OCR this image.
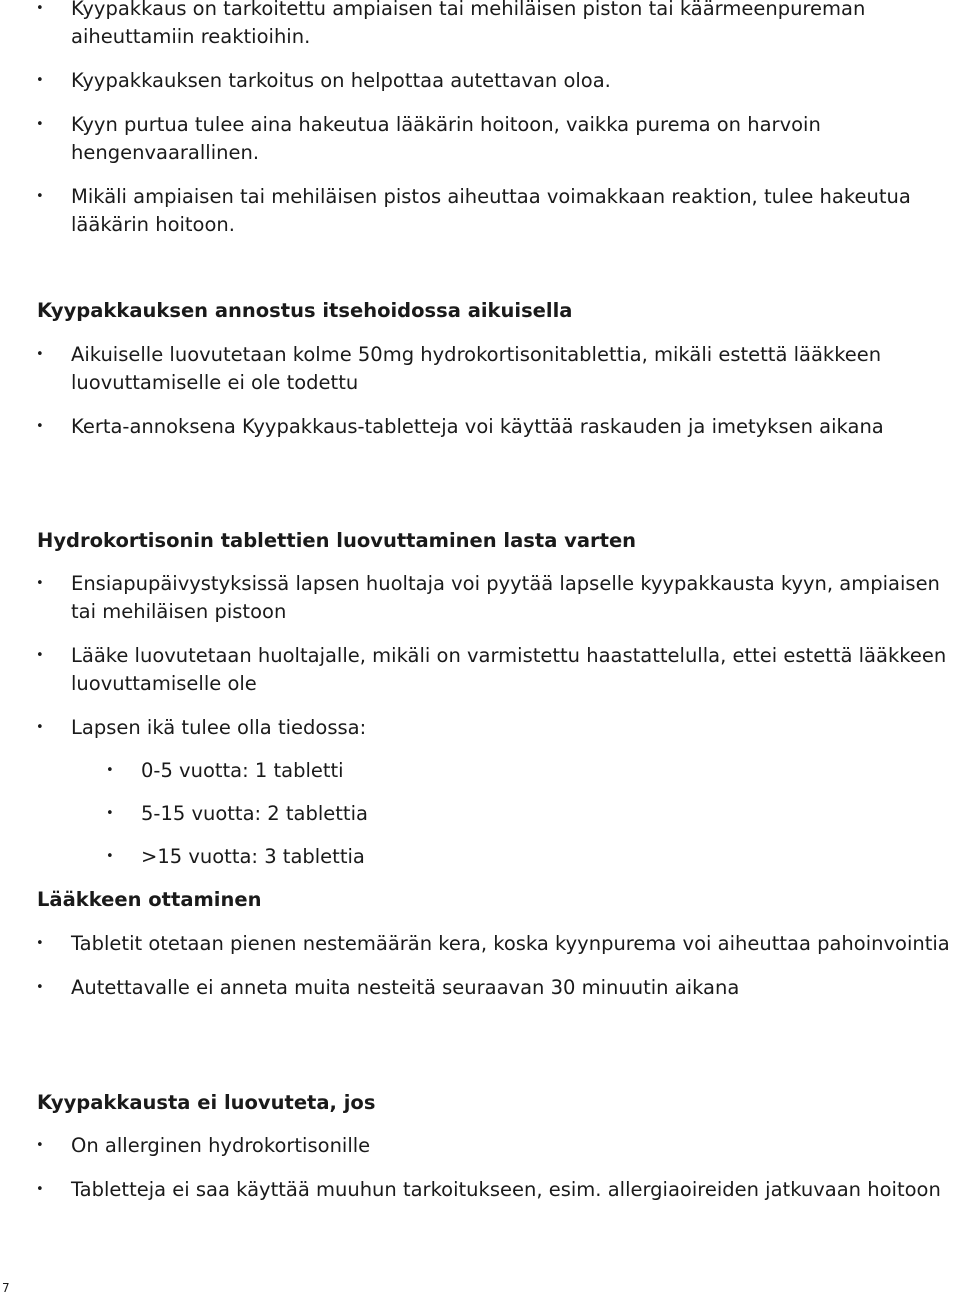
• Kyypakkaus on tarkoitettu ampiaisen tai mehiläisen piston tai käärmeenpureman aiheuttamiin reaktioihin.

• Kyypakkauksen tarkoitus on helpottaa autettavan oloa.

• Kyyn purtua tulee aina hakeutua lääkärin hoitoon, vaikka purema on harvoin hengenvaarallinen.

• Mikäli ampiaisen tai mehiläisen pistos aiheuttaa voimakkaan reaktion, tulee hakeutua lääkärin hoitoon.

Kyypakkauksen annostus itsehoidossa aikuisella

• Aikuiselle luovutetaan kolme 50mg hydrokortisonitablettia, mikäli estettä lääkkeen luovuttamiselle ei ole todettu

• Kerta-annoksena Kyypakkaus-tabletteja voi käyttää raskauden ja imetyksen aikana

Hydrokortisonin tablettien luovuttaminen lasta varten

• Ensiapupäivystyksissä lapsen huoltaja voi pyytää lapselle kyypakkausta kyyn, ampiaisen tai mehiläisen pistoon

• Lääke luovutetaan huoltajalle, mikäli on varmistettu haastattelulla, ettei estettä lääkkeen luovuttamiselle ole

• Lapsen ikä tulee olla tiedossa:

• 0-5 vuotta: 1 tabletti

• 5-15 vuotta: 2 tablettia

• >15 vuotta: 3 tablettia

Lääkkeen ottaminen

• Tabletit otetaan pienen nestemäärän kera, koska kyynpurema voi aiheuttaa pahoinvointia

• Autettavalle ei anneta muita nesteitä seuraavan 30 minuutin aikana

Kyypakkausta ei luovuteta, jos

• On allerginen hydrokortisonille

• Tabletteja ei saa käyttää muuhun tarkoitukseen, esim. allergiaoireiden jatkuvaan hoitoon

7
